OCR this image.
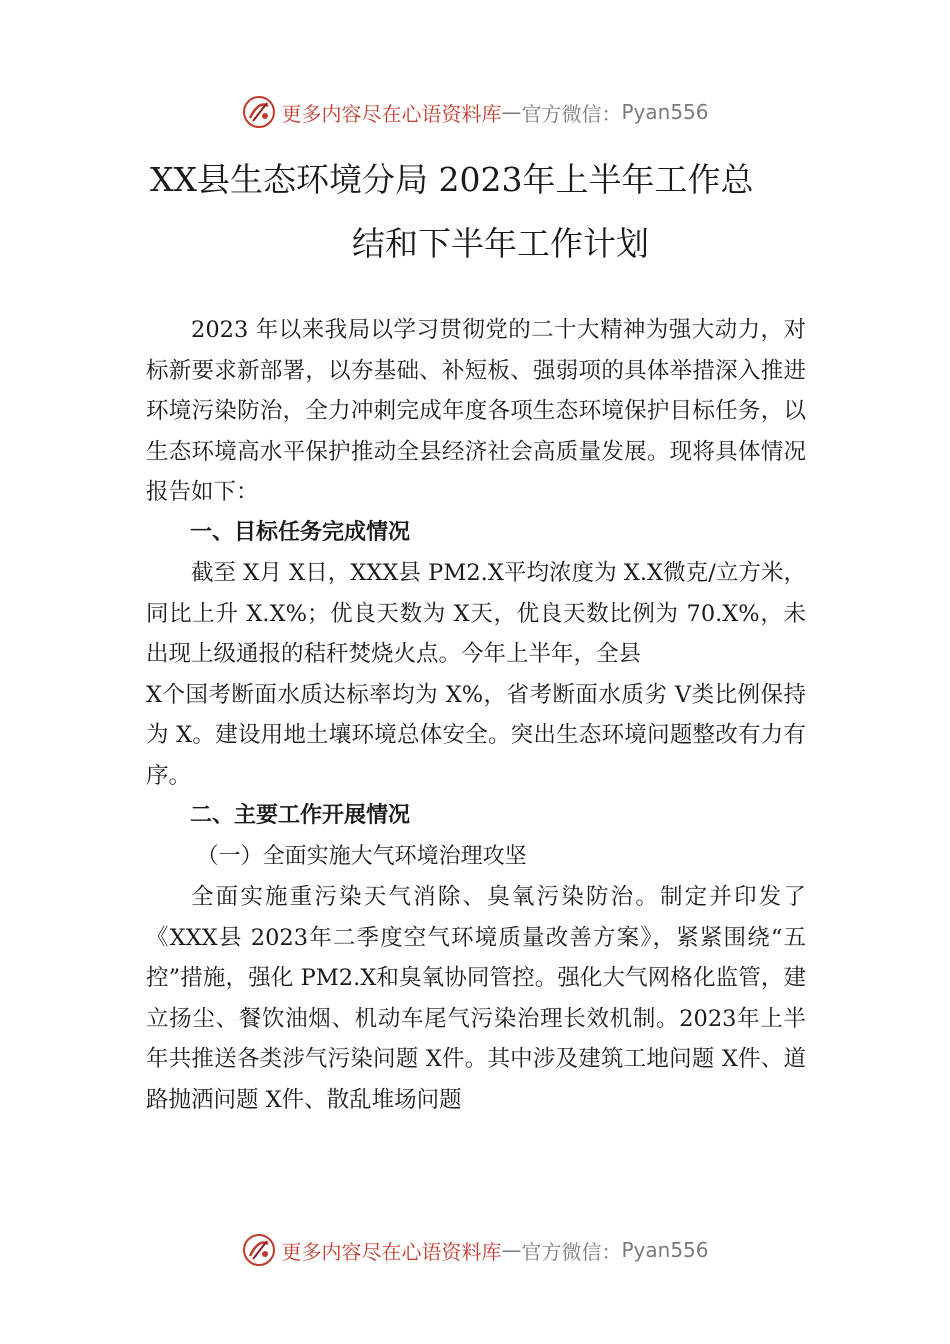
更多内容尽在心语资料库 — 官方微信： Pyan556
XX县生态环境分局 2023年上半年工作总
结和下半年工作计划

2023 年以来我局以学习贯彻党的二十大精神为强大动力，对标新要求新部署，以夯基础、补短板、强弱项的具体举措深入推进环境污染防治，全力冲刺完成年度各项生态环境保护目标任务，以生态环境高水平保护推动全县经济社会高质量发展。现将具体情况报告如下：

一、目标任务完成情况

截至 X月 X日，XXX县 PM2.X平均浓度为 X.X微克/立方米，同比上升 X.X%；优良天数为 X天，优良天数比例为 70.X%，未出现上级通报的秸秆焚烧火点。今年上半年，全县

X个国考断面水质达标率均为 X%，省考断面水质劣 V类比例保持为 X。建设用地土壤环境总体安全。突出生态环境问题整改有力有序。

二、主要工作开展情况

（一）全面实施大气环境治理攻坚

全面实施重污染天气消除、臭氧污染防治。制定并印发了《XXX县 2023年二季度空气环境质量改善方案》，紧紧围绕“五控”措施，强化 PM2.X和臭氧协同管控。强化大气网格化监管，建立扬尘、餐饮油烟、机动车尾气污染治理长效机制。2023年上半年共推送各类涉气污染问题 X件。其中涉及建筑工地问题 X件、道路抛洒问题 X件、散乱堆场问题

更多内容尽在心语资料库 — 官方微信： Pyan556
